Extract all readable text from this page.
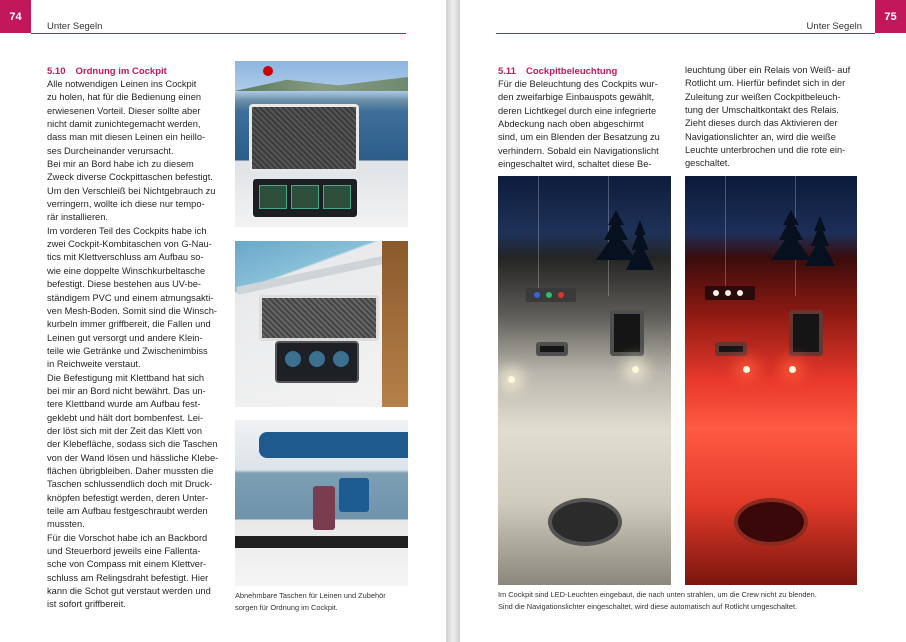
74
Unter Segeln
5.10 Ordnung im Cockpit
Alle notwendigen Leinen ins Cockpit
zu holen, hat für die Bedienung einen
erwiesenen Vorteil. Dieser sollte aber
nicht damit zunichtegemacht werden,
dass man mit diesen Leinen ein heillo-
ses Durcheinander verursacht.
Bei mir an Bord habe ich zu diesem
Zweck diverse Cockpittaschen befestigt.
Um den Verschleiß bei Nichtgebrauch zu
verringern, wollte ich diese nur tempo-
rär installieren.
Im vorderen Teil des Cockpits habe ich
zwei Cockpit-Kombitaschen von G-Nau-
tics mit Klettverschluss am Aufbau so-
wie eine doppelte Winschkurbeltasche
befestigt. Diese bestehen aus UV-be-
ständigem PVC und einem atmungsakti-
ven Mesh-Boden. Somit sind die Winsch-
kurbeln immer griffbereit, die Fallen und
Leinen gut versorgt und andere Klein-
teile wie Getränke und Zwischenimbiss
in Reichweite verstaut.
Die Befestigung mit Klettband hat sich
bei mir an Bord nicht bewährt. Das un-
tere Klettband wurde am Aufbau fest-
geklebt und hält dort bombenfest. Lei-
der löst sich mit der Zeit das Klett von
der Klebefläche, sodass sich die Taschen
von der Wand lösen und hässliche Klebe-
flächen übrigbleiben. Daher mussten die
Taschen schlussendlich doch mit Druck-
knöpfen befestigt werden, deren Unter-
teile am Aufbau festgeschraubt werden
mussten.
Für die Vorschot habe ich an Backbord
und Steuerbord jeweils eine Fallenta-
sche von Compass mit einem Klettver-
schluss am Relingsdraht befestigt. Hier
kann die Schot gut verstaut werden und
ist sofort griffbereit.
Abnehmbare Taschen für Leinen und Zubehör
sorgen für Ordnung im Cockpit.
75
Unter Segeln
5.11 Cockpitbeleuchtung
Für die Beleuchtung des Cockpits wur-
den zweifarbige Einbauspots gewählt,
deren Lichtkegel durch eine infegrierte
Abdeckung nach oben abgeschirmt
sind, um ein Blenden der Besatzung zu
verhindern. Sobald ein Navigationslicht
eingeschaltet wird, schaltet diese Be-
leuchtung über ein Relais von Weiß- auf
Rotlicht um. Hierfür befindet sich in der
Zuleitung zur weißen Cockpitbeleuch-
tung der Umschaltkontakt des Relais.
Zieht dieses durch das Aktivieren der
Navigationslichter an, wird die weiße
Leuchte unterbrochen und die rote ein-
geschaltet.
Im Cockpit sind LED-Leuchten eingebaut, die nach unten strahlen, um die Crew nicht zu blenden.
Sind die Navigationslichter eingeschaltet, wird diese automatisch auf Rotlicht umgeschaltet.
